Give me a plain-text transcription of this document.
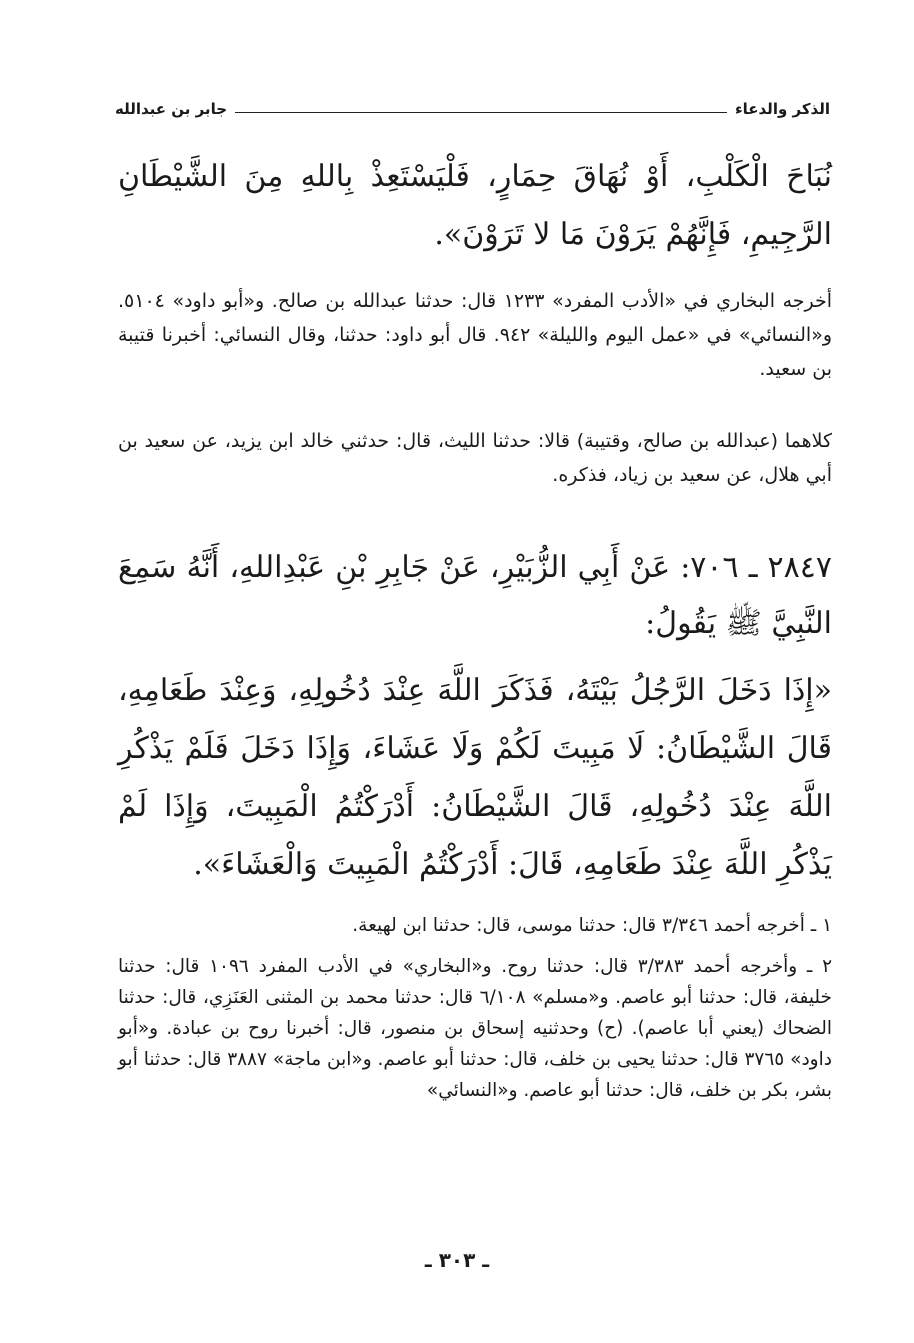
الذكر والدعاء
جابر بن عبدالله

نُبَاحَ الْكَلْبِ، أَوْ نُهَاقَ حِمَارٍ، فَلْيَسْتَعِذْ بِاللهِ مِنَ الشَّيْطَانِ الرَّجِيمِ، فَإِنَّهُمْ يَرَوْنَ مَا لا تَرَوْنَ».

أخرجه البخاري في «الأدب المفرد» ١٢٣٣ قال: حدثنا عبدالله بن صالح. و«أبو داود» ٥١٠٤. و«النسائي» في «عمل اليوم والليلة» ٩٤٢. قال أبو داود: حدثنا، وقال النسائي: أخبرنا قتيبة بن سعيد.

كلاهما (عبدالله بن صالح، وقتيبة) قالا: حدثنا الليث، قال: حدثني خالد ابن يزيد، عن سعيد بن أبي هلال، عن سعيد بن زياد، فذكره.

٢٨٤٧ ـ ٧٠٦: عَنْ أَبِي الزُّبَيْرِ، عَنْ جَابِرِ بْنِ عَبْدِاللهِ، أَنَّهُ سَمِعَ النَّبِيَّ ﷺ يَقُولُ:

«إِذَا دَخَلَ الرَّجُلُ بَيْتَهُ، فَذَكَرَ اللَّهَ عِنْدَ دُخُولِهِ، وَعِنْدَ طَعَامِهِ، قَالَ الشَّيْطَانُ: لَا مَبِيتَ لَكُمْ وَلَا عَشَاءَ، وَإِذَا دَخَلَ فَلَمْ يَذْكُرِ اللَّهَ عِنْدَ دُخُولِهِ، قَالَ الشَّيْطَانُ: أَدْرَكْتُمُ الْمَبِيتَ، وَإِذَا لَمْ يَذْكُرِ اللَّهَ عِنْدَ طَعَامِهِ، قَالَ: أَدْرَكْتُمُ الْمَبِيتَ وَالْعَشَاءَ».

١ ـ أخرجه أحمد ٣/٣٤٦ قال: حدثنا موسى، قال: حدثنا ابن لهيعة.

٢ ـ وأخرجه أحمد ٣/٣٨٣ قال: حدثنا روح. و«البخاري» في الأدب المفرد ١٠٩٦ قال: حدثنا خليفة، قال: حدثنا أبو عاصم. و«مسلم» ٦/١٠٨ قال: حدثنا محمد بن المثنى العَنَزِي، قال: حدثنا الضحاك (يعني أبا عاصم). (ح) وحدثنيه إسحاق بن منصور، قال: أخبرنا روح بن عبادة. و«أبو داود» ٣٧٦٥ قال: حدثنا يحيى بن خلف، قال: حدثنا أبو عاصم. و«ابن ماجة» ٣٨٨٧ قال: حدثنا أبو بشر، بكر بن خلف، قال: حدثنا أبو عاصم. و«النسائي»

ـ ٣٠٣ ـ
